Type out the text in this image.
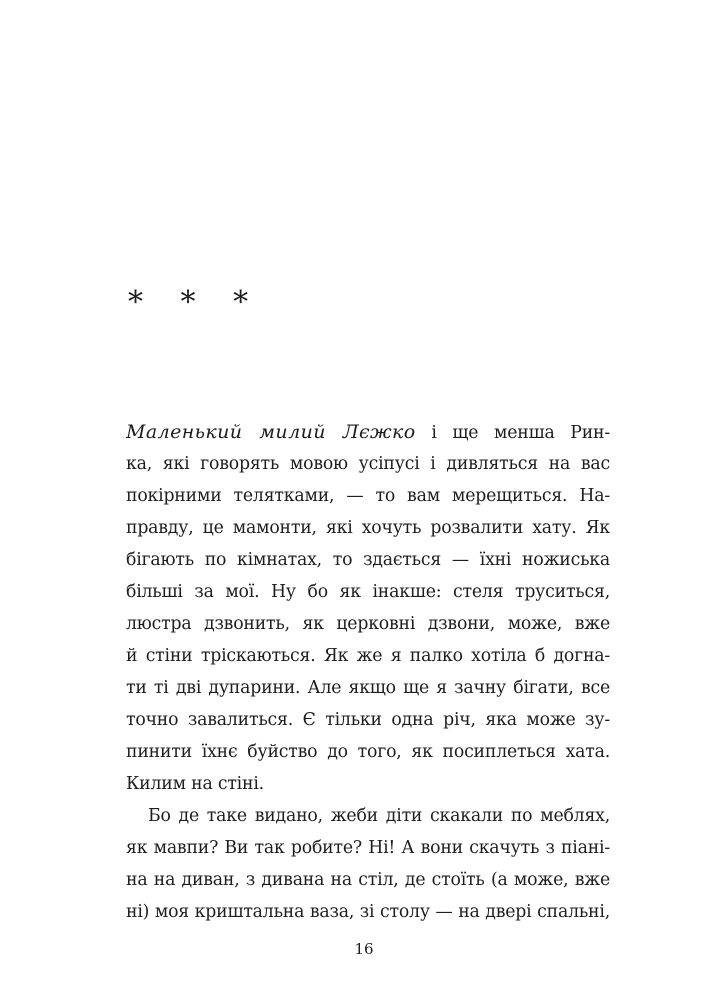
* * *
Маленький милий Лєжко і ще менша Рин-
ка, які говорять мовою усіпусі і дивляться на вас
покірними телятками, — то вам мерещиться. На-
правду, це мамонти, які хочуть розвалити хату. Як
бігають по кімнатах, то здається — їхні ножиська
більші за мої. Ну бо як інакше: стеля труситься,
люстра дзвонить, як церковні дзвони, може, вже
й стіни тріскаються. Як же я палко хотіла б догна-
ти ті дві дупарини. Але якщо ще я зачну бігати, все
точно завалиться. Є тільки одна річ, яка може зу-
пинити їхнє буйство до того, як посиплеться хата.
Килим на стіні.
Бо де таке видано, жеби діти скакали по меблях,
як мавпи? Ви так робите? Ні! А вони скачуть з піані-
на на диван, з дивана на стіл, де стоїть (а може, вже
ні) моя криштальна ваза, зі столу — на двері спальні,
16
